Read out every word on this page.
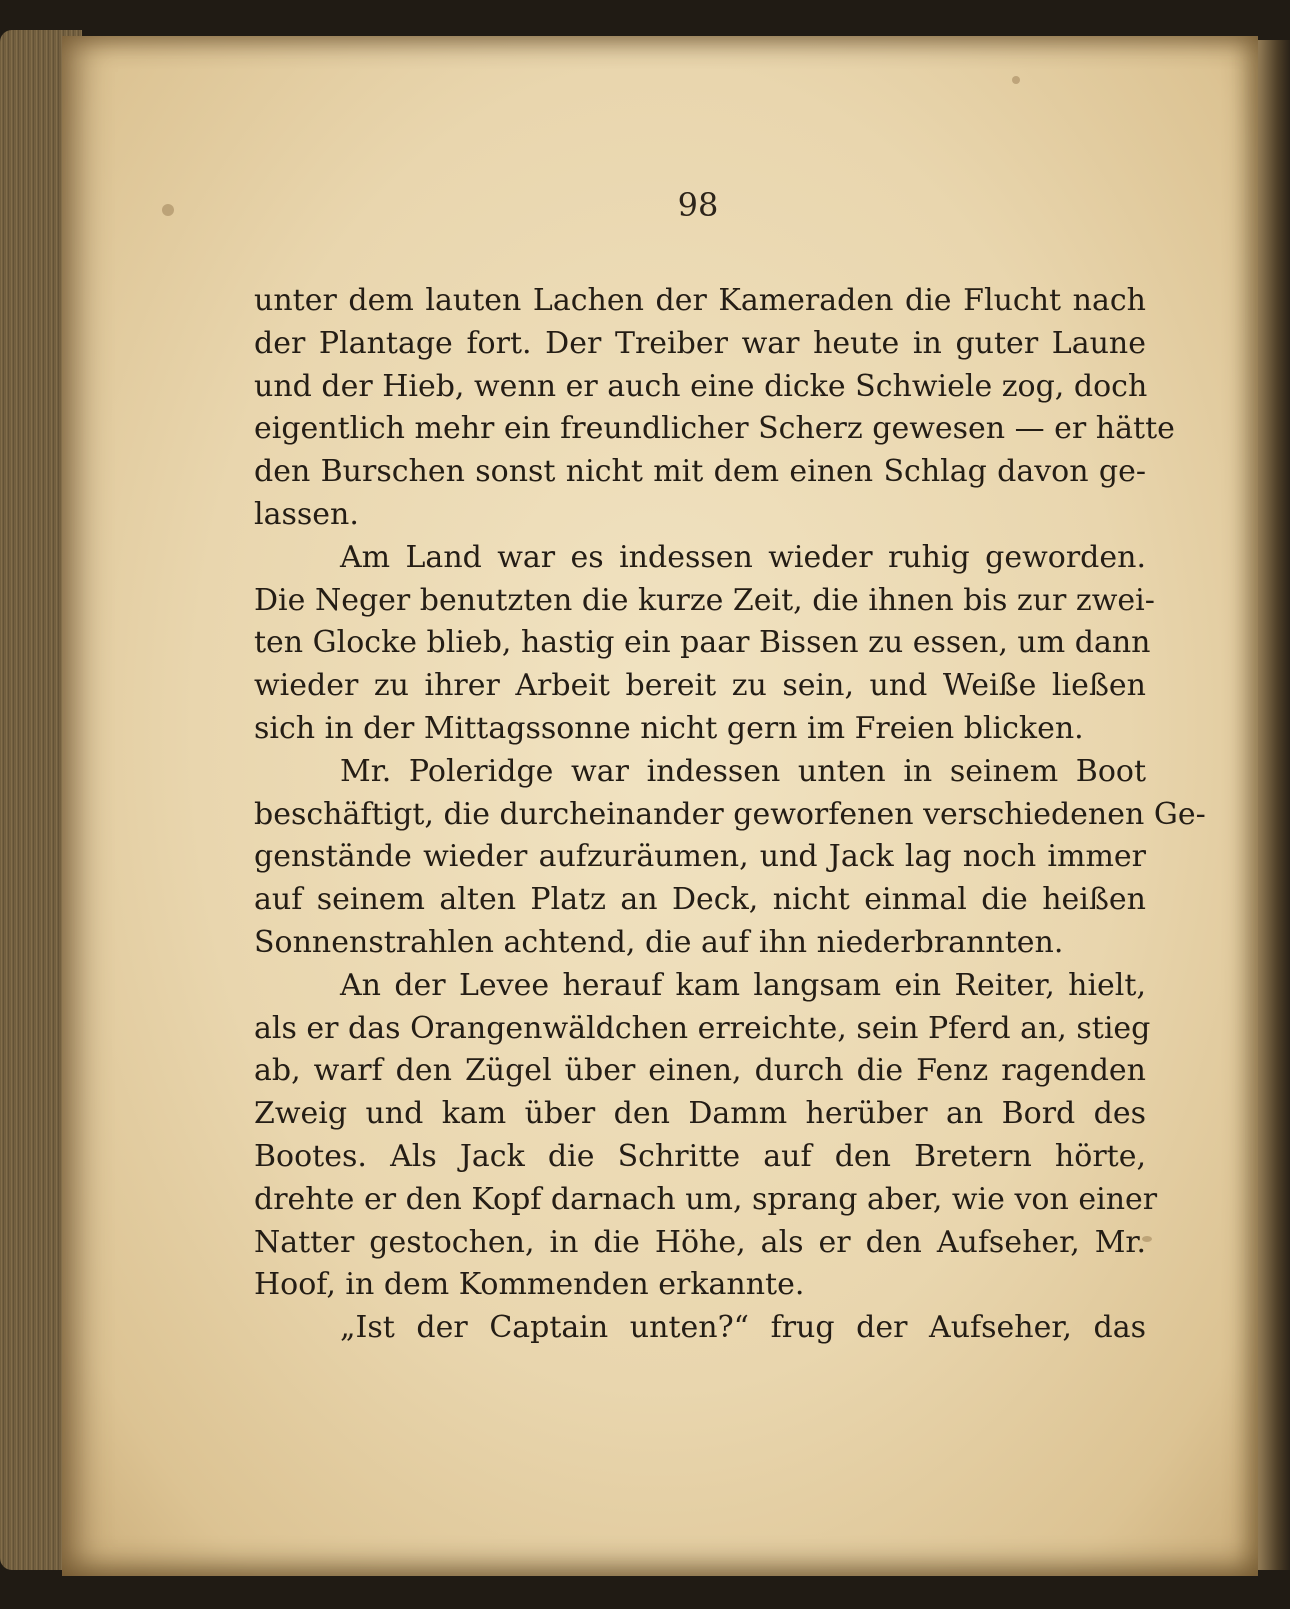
98
unter dem lauten Lachen der Kameraden die Flucht nach
der Plantage fort. Der Treiber war heute in guter Laune
und der Hieb, wenn er auch eine dicke Schwiele zog, doch
eigentlich mehr ein freundlicher Scherz gewesen — er hätte
den Burschen sonst nicht mit dem einen Schlag davon ge-
lassen.
Am Land war es indessen wieder ruhig geworden.
Die Neger benutzten die kurze Zeit, die ihnen bis zur zwei-
ten Glocke blieb, hastig ein paar Bissen zu essen, um dann
wieder zu ihrer Arbeit bereit zu sein, und Weiße ließen
sich in der Mittagssonne nicht gern im Freien blicken.
Mr. Poleridge war indessen unten in seinem Boot
beschäftigt, die durcheinander geworfenen verschiedenen Ge-
genstände wieder aufzuräumen, und Jack lag noch immer
auf seinem alten Platz an Deck, nicht einmal die heißen
Sonnenstrahlen achtend, die auf ihn niederbrannten.
An der Levee herauf kam langsam ein Reiter, hielt,
als er das Orangenwäldchen erreichte, sein Pferd an, stieg
ab, warf den Zügel über einen, durch die Fenz ragenden
Zweig und kam über den Damm herüber an Bord des
Bootes. Als Jack die Schritte auf den Bretern hörte,
drehte er den Kopf darnach um, sprang aber, wie von einer
Natter gestochen, in die Höhe, als er den Aufseher, Mr.
Hoof, in dem Kommenden erkannte.
„Ist der Captain unten?“ frug der Aufseher, das
